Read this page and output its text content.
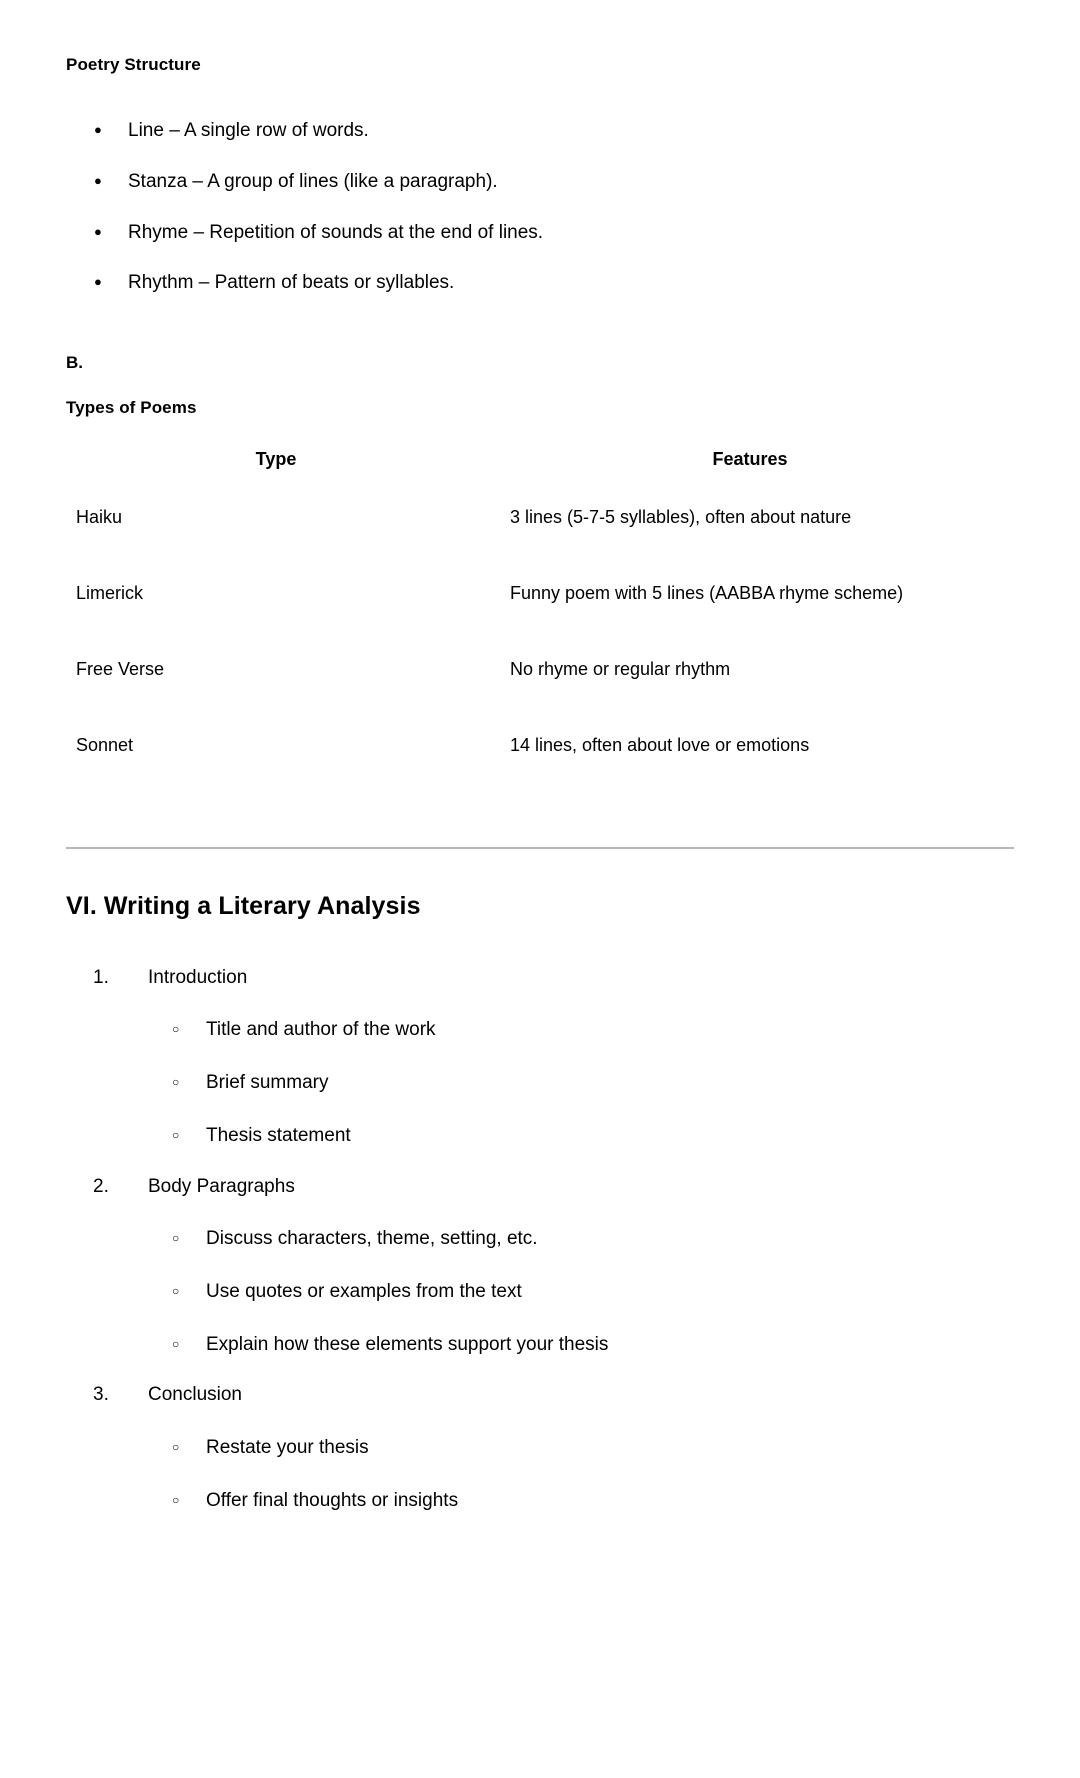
Poetry Structure
● Line – A single row of words.
● Stanza – A group of lines (like a paragraph).
● Rhyme – Repetition of sounds at the end of lines.
● Rhythm – Pattern of beats or syllables.
B.
Types of Poems
Type	Features
Haiku	3 lines (5-7-5 syllables), often about nature
Limerick	Funny poem with 5 lines (AABBA rhyme scheme)
Free Verse	No rhyme or regular rhythm
Sonnet	14 lines, often about love or emotions
VI. Writing a Literary Analysis
Introduction
○ Title and author of the work
○ Brief summary
○ Thesis statement
Body Paragraphs
○ Discuss characters, theme, setting, etc.
○ Use quotes or examples from the text
○ Explain how these elements support your thesis
Conclusion
○ Restate your thesis
○ Offer final thoughts or insights
